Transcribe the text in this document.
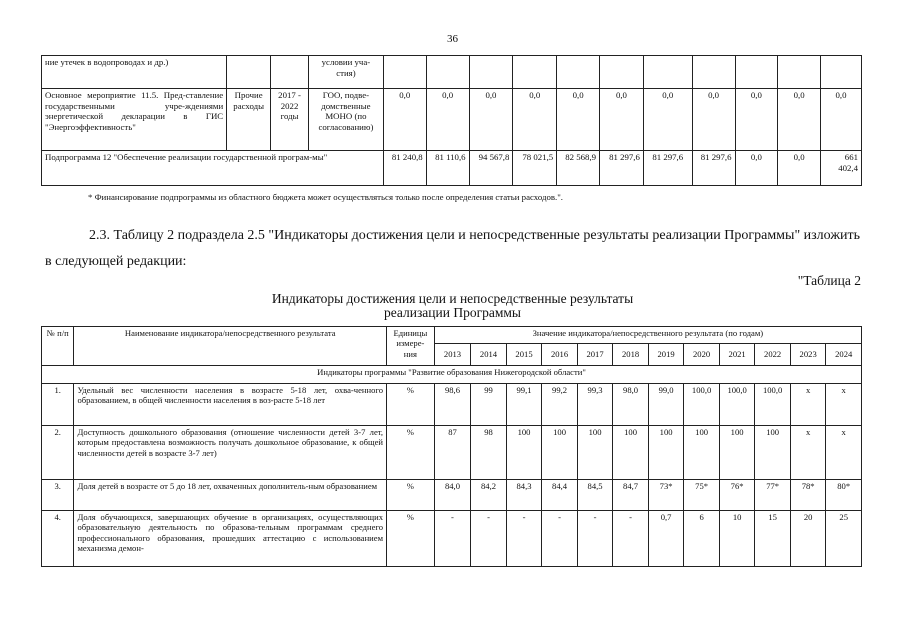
36
ние утечек в водопроводах и др.)			условии уча-стия)											
Основное мероприятие 11.5. Пред-ставление государственными учре-ждениями энергетической декларации в ГИС "Энергоэффективность"	Прочие расходы	2017 - 2022 годы	ГОО, подве-домственные МОНО (по согласованию)	0,0	0,0	0,0	0,0	0,0	0,0	0,0	0,0	0,0	0,0	0,0
Подпрограмма 12 "Обеспечение реализации государственной програм-мы"				81 240,8	81 110,6	94 567,8	78 021,5	82 568,9	81 297,6	81 297,6	81 297,6	0,0	0,0	661 402,4
* Финансирование подпрограммы из областного бюджета может осуществляться только после определения статьи расходов.".
2.3. Таблицу 2 подраздела 2.5 "Индикаторы достижения цели и непосредственные результаты реализации Программы" изложить в следующей редакции:
"Таблица 2
Индикаторы достижения цели и непосредственные результаты
реализации Программы
№ п/п	Наименование индикатора/непосредственного результата	Единицы измере-ния	Значение индикатора/непосредственного результата (по годам)											
			2013	2014	2015	2016	2017	2018	2019	2020	2021	2022	2023	2024
Индикаторы программы "Развитие образования Нижегородской области"														
1.	Удельный вес численности населения в возрасте 5-18 лет, охва-ченного образованием, в общей численности населения в воз-расте 5-18 лет	%	98,6	99	99,1	99,2	99,3	98,0	99,0	100,0	100,0	100,0	х	х
2.	Доступность дошкольного образования (отношение численности детей 3-7 лет, которым предоставлена возможность получать дошкольное образование, к общей численности детей в возрасте 3-7 лет)	%	87	98	100	100	100	100	100	100	100	100	х	х
3.	Доля детей в возрасте от 5 до 18 лет, охваченных дополнитель-ным образованием	%	84,0	84,2	84,3	84,4	84,5	84,7	73*	75*	76*	77*	78*	80*
4.	Доля обучающихся, завершающих обучение в организациях, осуществляющих образовательную деятельность по образова-тельным программам среднего профессионального образования, прошедших аттестацию с использованием механизма демон-	%	-	-	-	-	-	-	0,7	6	10	15	20	25
